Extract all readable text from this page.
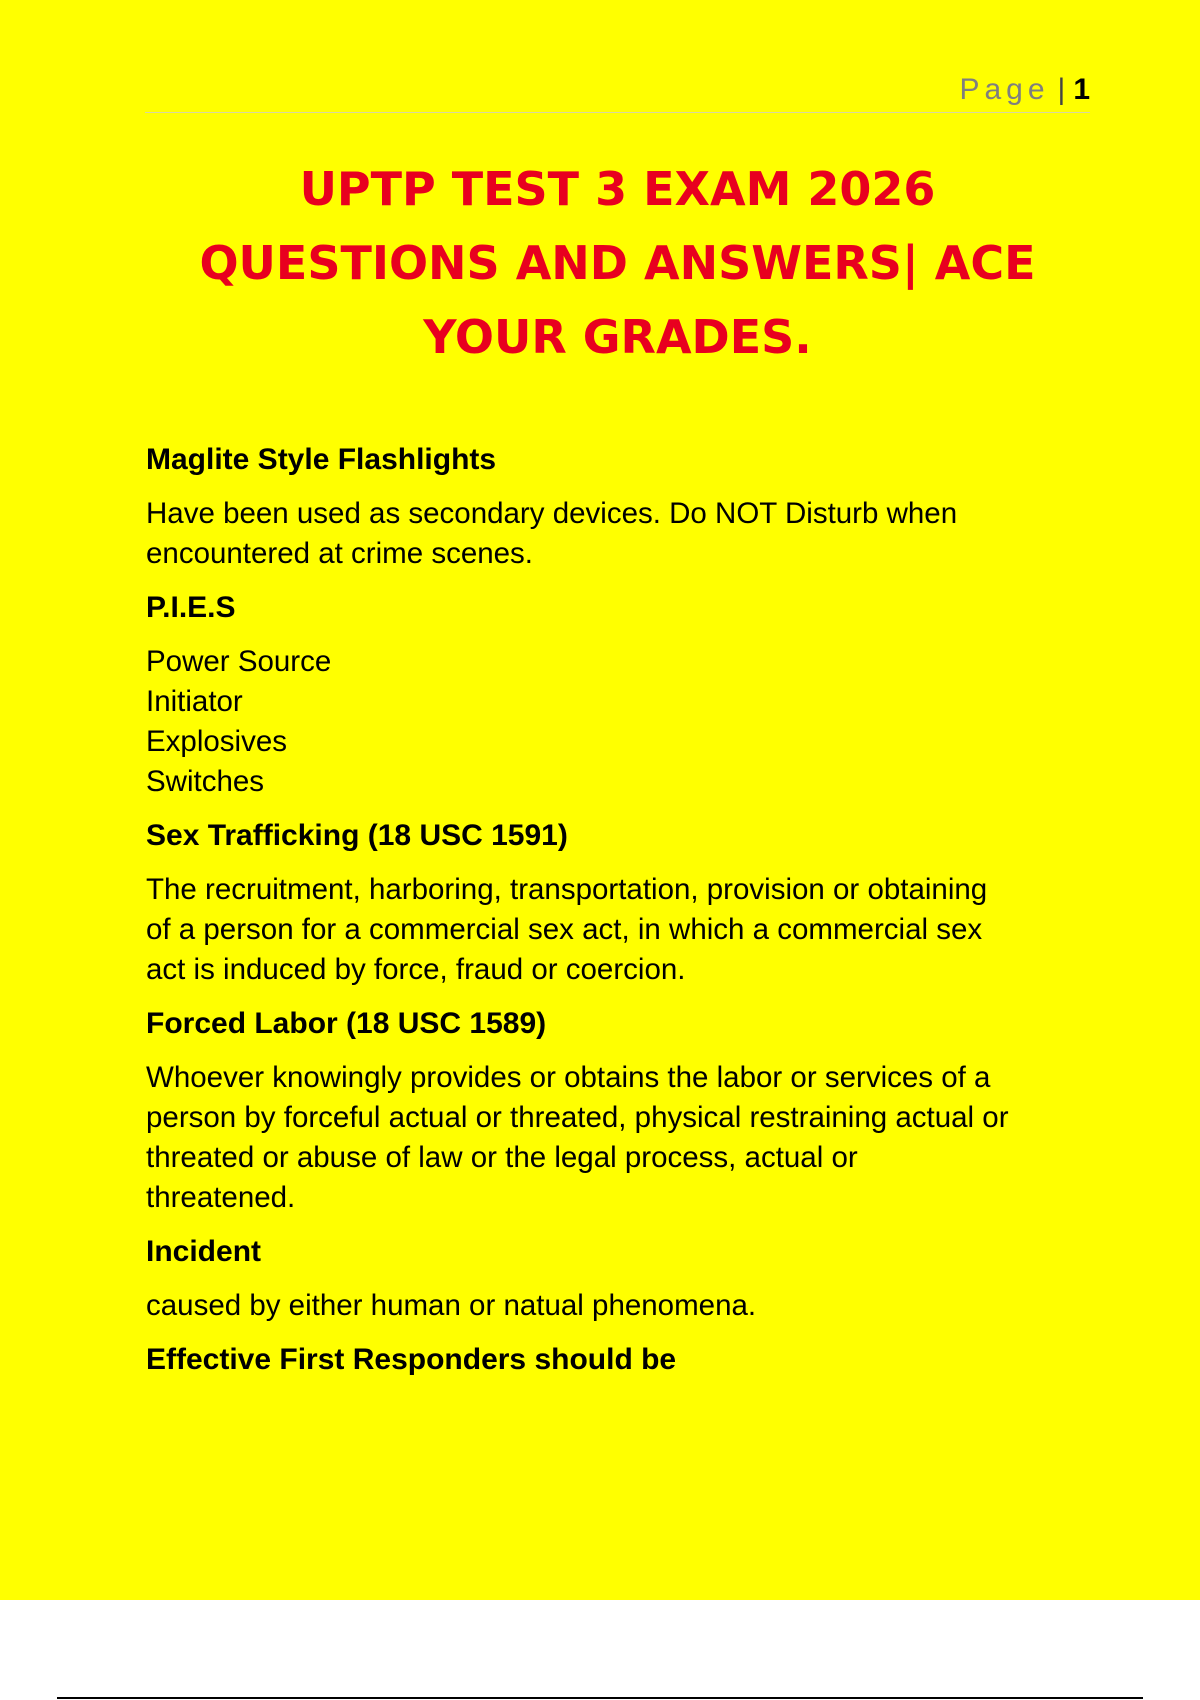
Page | 1
UPTP TEST 3 EXAM 2026
QUESTIONS AND ANSWERS| ACE
YOUR GRADES.
Maglite Style Flashlights
Have been used as secondary devices. Do NOT Disturb when
encountered at crime scenes.
P.I.E.S
Power Source
Initiator
Explosives
Switches
Sex Trafficking (18 USC 1591)
The recruitment, harboring, transportation, provision or obtaining
of a person for a commercial sex act, in which a commercial sex
act is induced by force, fraud or coercion.
Forced Labor (18 USC 1589)
Whoever knowingly provides or obtains the labor or services of a
person by forceful actual or threated, physical restraining actual or
threated or abuse of law or the legal process, actual or
threatened.
Incident
caused by either human or natual phenomena.
Effective First Responders should be
